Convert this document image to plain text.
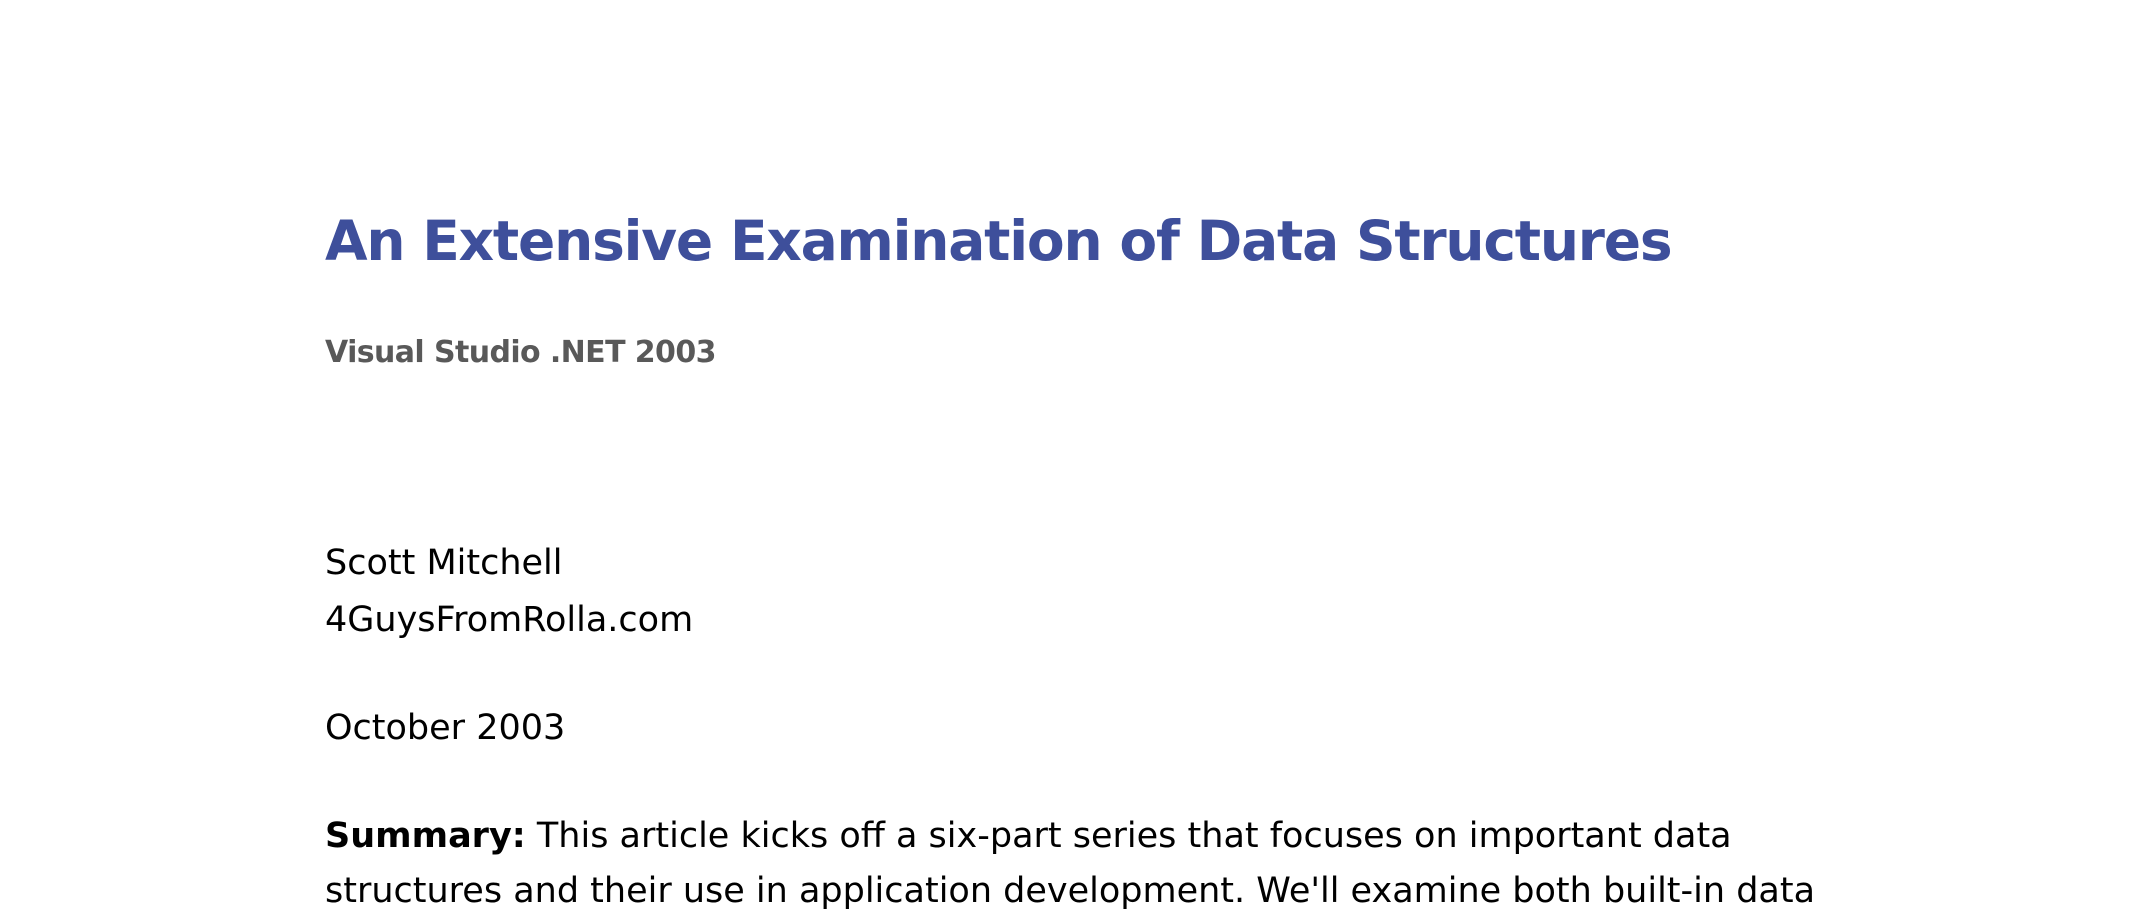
An Extensive Examination of Data Structures
Visual Studio .NET 2003

Scott Mitchell

4GuysFromRolla.com

October 2003

Summary: This article kicks off a six-part series that focuses on important data

structures and their use in application development. We'll examine both built-in data
